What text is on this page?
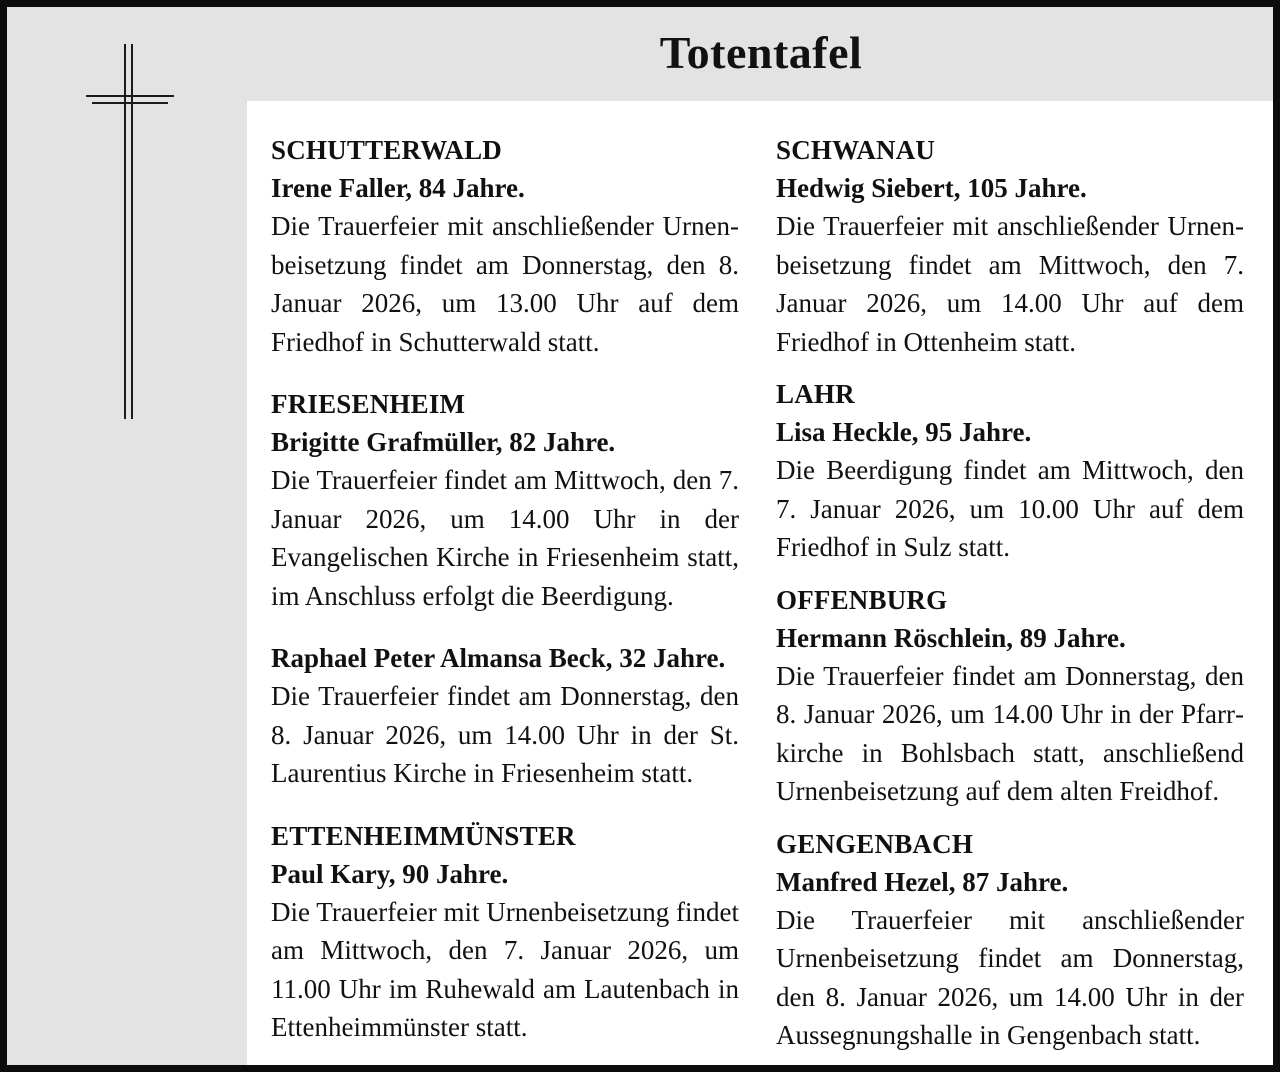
Totentafel
SCHUTTERWALD
Irene Faller, 84 Jahre.
Die Trauerfeier mit anschließender Urnenbeisetzung findet am Donnerstag, den 8. Januar 2026, um 13.00 Uhr auf dem Friedhof in Schutterwald statt.
FRIESENHEIM
Brigitte Grafmüller, 82 Jahre.
Die Trauerfeier findet am Mittwoch, den 7. Januar 2026, um 14.00 Uhr in der Evangelischen Kirche in Friesenheim statt, im Anschluss erfolgt die Beerdigung.
Raphael Peter Almansa Beck, 32 Jahre.
Die Trauerfeier findet am Donnerstag, den 8. Januar 2026, um 14.00 Uhr in der St. Laurentius Kirche in Friesenheim statt.
ETTENHEIMMÜNSTER
Paul Kary, 90 Jahre.
Die Trauerfeier mit Urnenbeisetzung findet am Mittwoch, den 7. Januar 2026, um 11.00 Uhr im Ruhewald am Lautenbach in Ettenheimmünster statt.
SCHWANAU
Hedwig Siebert, 105 Jahre.
Die Trauerfeier mit anschließender Urnenbeisetzung findet am Mittwoch, den 7. Januar 2026, um 14.00 Uhr auf dem Friedhof in Ottenheim statt.
LAHR
Lisa Heckle, 95 Jahre.
Die Beerdigung findet am Mittwoch, den 7. Januar 2026, um 10.00 Uhr auf dem Friedhof in Sulz statt.
OFFENBURG
Hermann Röschlein, 89 Jahre.
Die Trauerfeier findet am Donnerstag, den 8. Januar 2026, um 14.00 Uhr in der Pfarrkirche in Bohlsbach statt, anschließend Urnenbeisetzung auf dem alten Freidhof.
GENGENBACH
Manfred Hezel, 87 Jahre.
Die Trauerfeier mit anschließender Urnenbeisetzung findet am Donnerstag, den 8. Januar 2026, um 14.00 Uhr in der Aussegnungshalle in Gengenbach statt.
